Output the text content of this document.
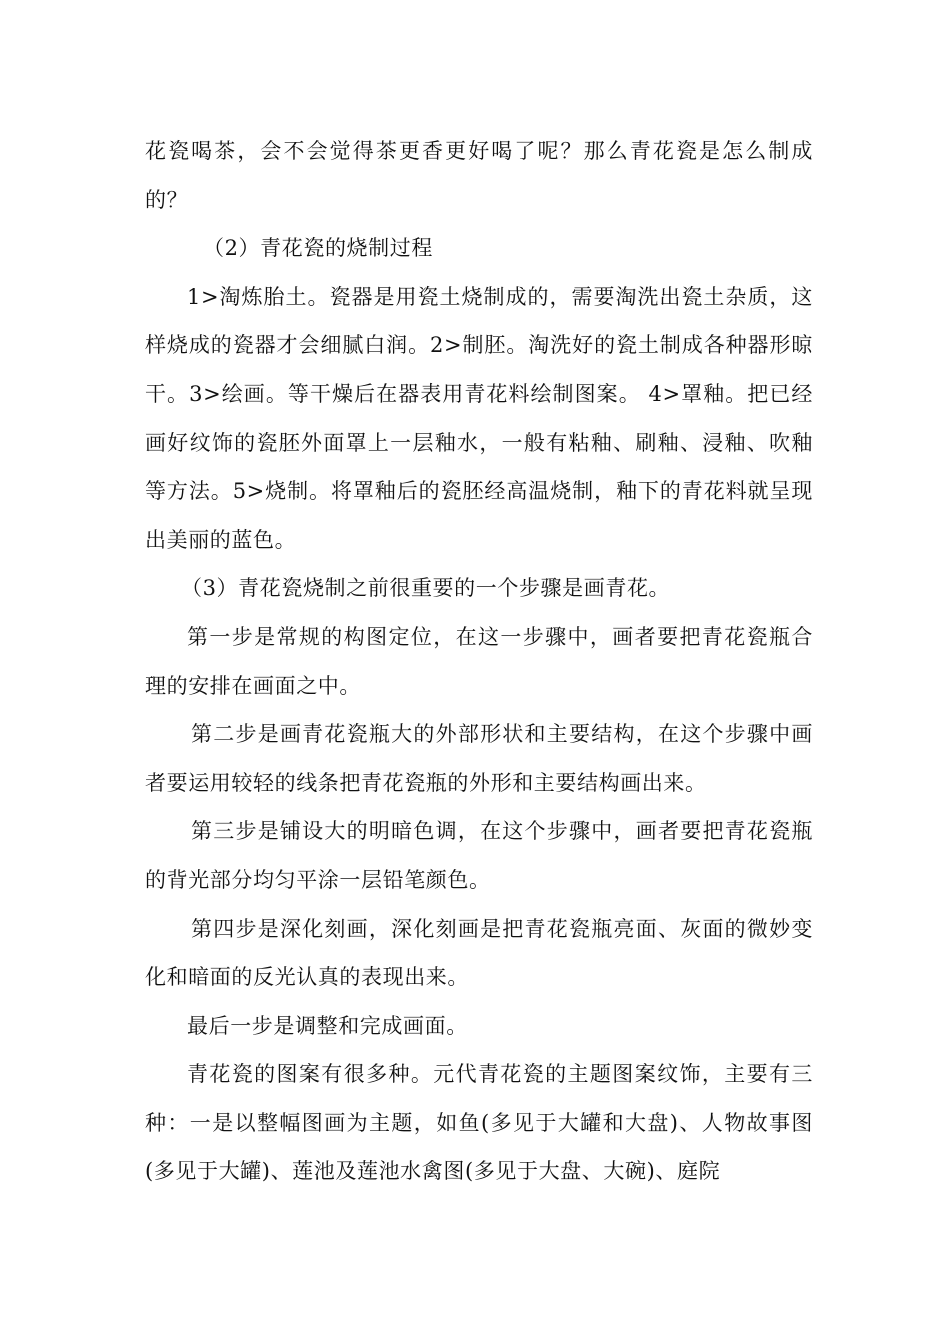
花瓷喝茶，会不会觉得茶更香更好喝了呢？那么青花瓷是怎么制成的？

（2）青花瓷的烧制过程

1>淘炼胎土。瓷器是用瓷土烧制成的，需要淘洗出瓷土杂质，这样烧成的瓷器才会细腻白润。2>制胚。淘洗好的瓷土制成各种器形晾干。3>绘画。等干燥后在器表用青花料绘制图案。 4>罩釉。把已经画好纹饰的瓷胚外面罩上一层釉水，一般有粘釉、刷釉、浸釉、吹釉等方法。5>烧制。将罩釉后的瓷胚经高温烧制，釉下的青花料就呈现出美丽的蓝色。

（3）青花瓷烧制之前很重要的一个步骤是画青花。

第一步是常规的构图定位，在这一步骤中，画者要把青花瓷瓶合理的安排在画面之中。

第二步是画青花瓷瓶大的外部形状和主要结构，在这个步骤中画者要运用较轻的线条把青花瓷瓶的外形和主要结构画出来。

第三步是铺设大的明暗色调，在这个步骤中，画者要把青花瓷瓶的背光部分均匀平涂一层铅笔颜色。

第四步是深化刻画，深化刻画是把青花瓷瓶亮面、灰面的微妙变化和暗面的反光认真的表现出来。

最后一步是调整和完成画面。

青花瓷的图案有很多种。元代青花瓷的主题图案纹饰，主要有三种：一是以整幅图画为主题，如鱼(多见于大罐和大盘)、人物故事图(多见于大罐)、莲池及莲池水禽图(多见于大盘、大碗)、庭院
